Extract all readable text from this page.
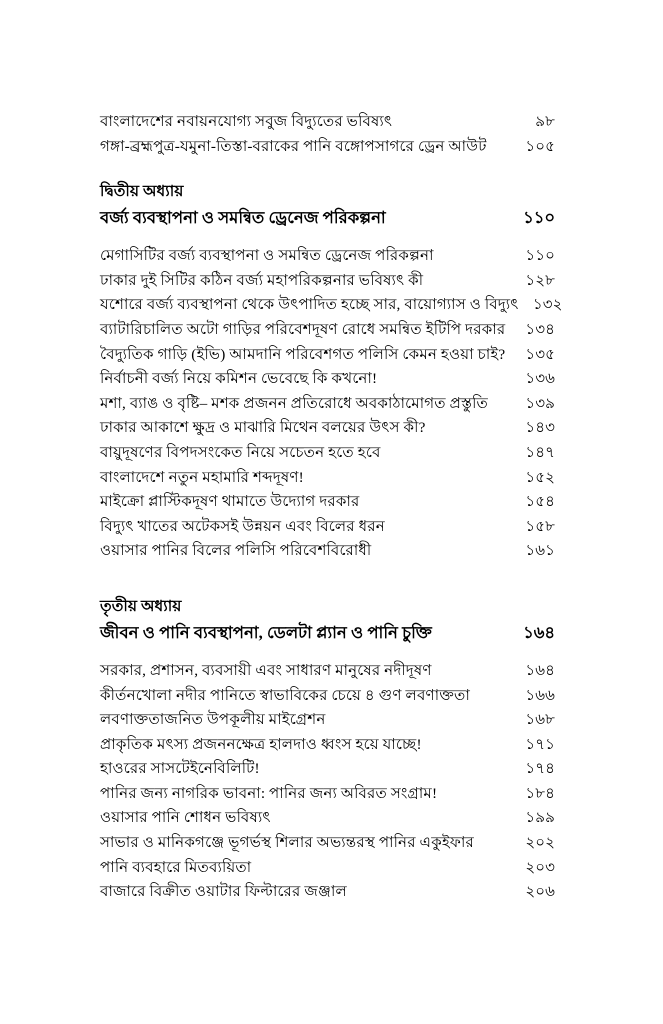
বাংলাদেশের নবায়নযোগ্য সবুজ বিদ্যুতের ভবিষ্যৎ	৯৮
গঙ্গা-ব্রহ্মপুত্র-যমুনা-তিস্তা-বরাকের পানি বঙ্গোপসাগরে ড্রেন আউট	১০৫
দ্বিতীয় অধ্যায়
বর্জ্য ব্যবস্থাপনা ও সমন্বিত ড্রেনেজ পরিকল্পনা	১১০
মেগাসিটির বর্জ্য ব্যবস্থাপনা ও সমন্বিত ড্রেনেজ পরিকল্পনা	১১০
ঢাকার দুই সিটির কঠিন বর্জ্য মহাপরিকল্পনার ভবিষ্যৎ কী	১২৮
যশোরে বর্জ্য ব্যবস্থাপনা থেকে উৎপাদিত হচ্ছে সার, বায়োগ্যাস ও বিদ্যুৎ ১৩২
ব্যাটারিচালিত অটো গাড়ির পরিবেশদূষণ রোধে সমন্বিত ইটিপি দরকার ১৩৪
বৈদ্যুতিক গাড়ি (ইভি) আমদানি পরিবেশগত পলিসি কেমন হওয়া চাই? ১৩৫
নির্বাচনী বর্জ্য নিয়ে কমিশন ভেবেছে কি কখনো!	১৩৬
মশা, ব্যাঙ ও বৃষ্টি– মশক প্রজনন প্রতিরোধে অবকাঠামোগত প্রস্তুতি ১৩৯
ঢাকার আকাশে ক্ষুদ্র ও মাঝারি মিথেন বলয়ের উৎস কী?	১৪৩
বায়ুদূষণের বিপদসংকেত নিয়ে সচেতন হতে হবে	১৪৭
বাংলাদেশে নতুন মহামারি শব্দদূষণ!	১৫২
মাইক্রো প্লাস্টিকদূষণ থামাতে উদ্যোগ দরকার	১৫৪
বিদ্যুৎ খাতের অটেকসই উন্নয়ন এবং বিলের ধরন	১৫৮
ওয়াসার পানির বিলের পলিসি পরিবেশবিরোধী	১৬১
তৃতীয় অধ্যায়
জীবন ও পানি ব্যবস্থাপনা, ডেলটা প্ল্যান ও পানি চুক্তি	১৬৪
সরকার, প্রশাসন, ব্যবসায়ী এবং সাধারণ মানুষের নদীদূষণ	১৬৪
কীর্তনখোলা নদীর পানিতে স্বাভাবিকের চেয়ে ৪ গুণ লবণাক্ততা	১৬৬
লবণাক্ততাজনিত উপকূলীয় মাইগ্রেশন	১৬৮
প্রাকৃতিক মৎস্য প্রজননক্ষেত্র হালদাও ধ্বংস হয়ে যাচ্ছে!	১৭১
হাওরের সাসটেইনেবিলিটি!	১৭৪
পানির জন্য নাগরিক ভাবনা: পানির জন্য অবিরত সংগ্রাম!	১৮৪
ওয়াসার পানি শোধন ভবিষ্যৎ	১৯৯
সাভার ও মানিকগঞ্জে ভূগর্ভস্থ শিলার অভ্যন্তরস্থ পানির একুইফার	২০২
পানি ব্যবহারে মিতব্যয়িতা	২০৩
বাজারে বিক্রীত ওয়াটার ফিল্টারের জঞ্জাল	২০৬
